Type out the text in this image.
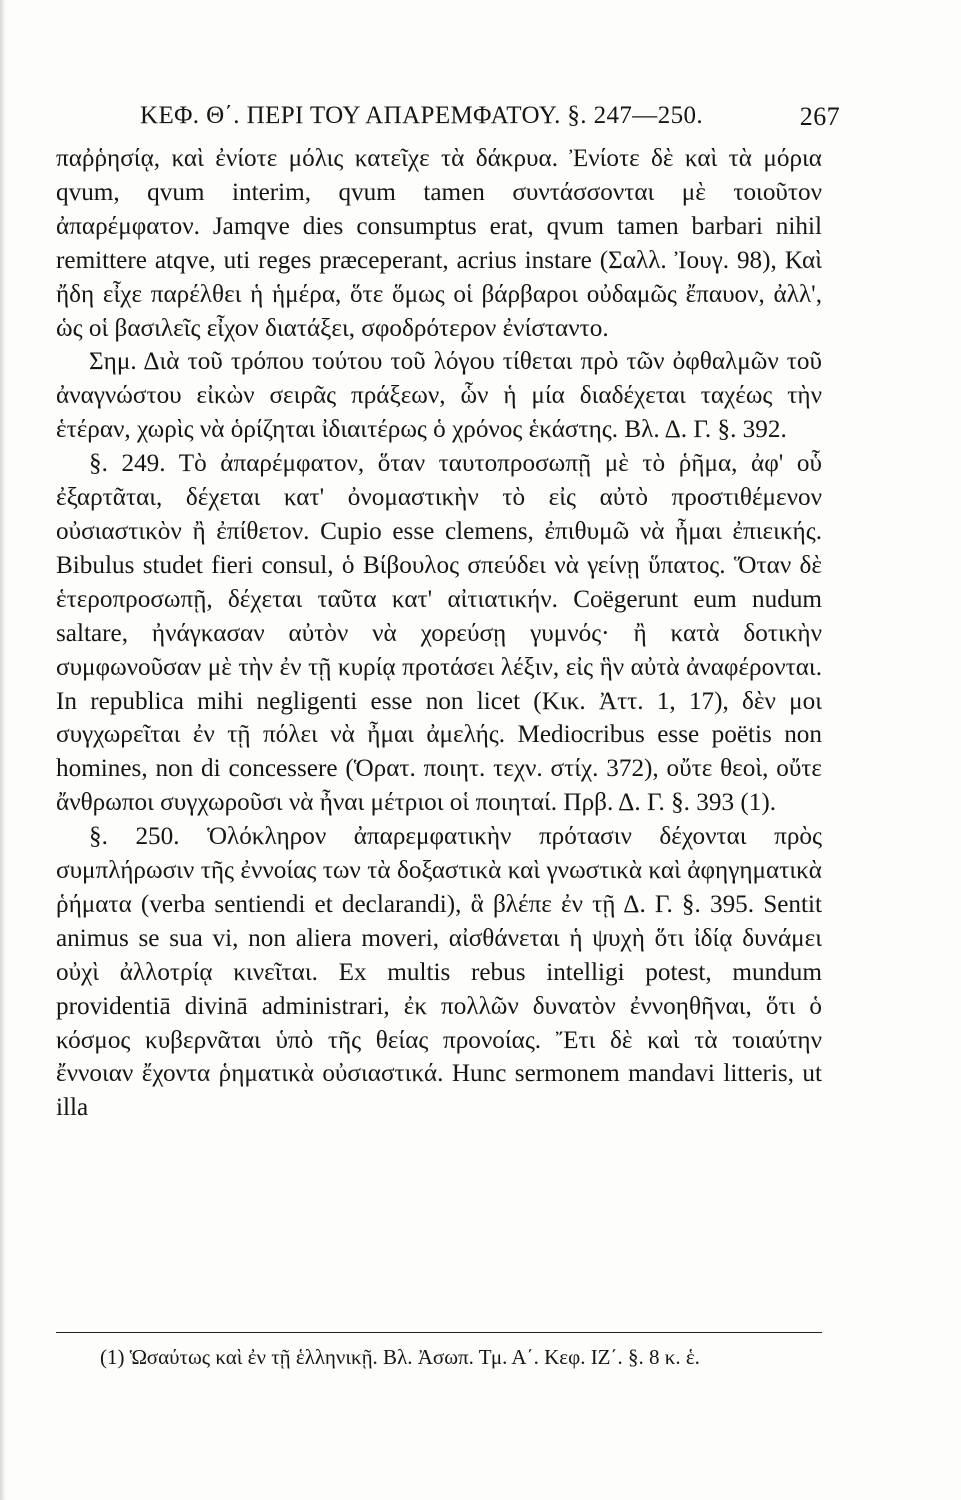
ΚΕΦ. Θ΄. ΠΕΡΙ ΤΟΥ ΑΠΑΡΕΜΦΑΤΟΥ. §. 247—250.	267

παῤῥησίᾳ, καὶ ἐνίοτε μόλις κατεῖχε τὰ δάκρυα. Ἐνίοτε δὲ καὶ τὰ μόρια qvum, qvum interim, qvum tamen συντάσσονται μὲ τοιοῦτον ἀπαρέμφατον. Jamqve dies consumptus erat, qvum tamen barbari nihil remittere atqve, uti reges præceperant, acrius instare (Σαλλ. Ἰουγ. 98), Καὶ ἤδη εἶχε παρέλθει ἡ ἡμέρα, ὅτε ὅμως οἱ βάρβαροι οὐδαμῶς ἔπαυον, ἀλλ', ὡς οἱ βασιλεῖς εἶχον διατάξει, σφοδρότερον ἐνίσταντο.

Σημ. Διὰ τοῦ τρόπου τούτου τοῦ λόγου τίθεται πρὸ τῶν ὀφθαλμῶν τοῦ ἀναγνώστου εἰκὼν σειρᾶς πράξεων, ὧν ἡ μία διαδέχεται ταχέως τὴν ἑτέραν, χωρὶς νὰ ὁρίζηται ἰδιαιτέρως ὁ χρόνος ἑκάστης. Βλ. Δ. Γ. §. 392.

§. 249. Τὸ ἀπαρέμφατον, ὅταν ταυτοπροσωπῇ μὲ τὸ ῥῆμα, ἀφ' οὗ ἐξαρτᾶται, δέχεται κατ' ὀνομαστικὴν τὸ εἰς αὐτὸ προστιθέμενον οὐσιαστικὸν ἢ ἐπίθετον. Cupio esse clemens, ἐπιθυμῶ νὰ ἦμαι ἐπιεικής. Bibulus studet fieri consul, ὁ Βίβουλος σπεύδει νὰ γείνῃ ὕπατος. Ὅταν δὲ ἑτεροπροσωπῇ, δέχεται ταῦτα κατ' αἰτιατικήν. Coëgerunt eum nudum saltare, ἠνάγκασαν αὐτὸν νὰ χορεύσῃ γυμνός· ἢ κατὰ δοτικὴν συμφωνοῦσαν μὲ τὴν ἐν τῇ κυρίᾳ προτάσει λέξιν, εἰς ἣν αὐτὰ ἀναφέρονται. In republica mihi negligenti esse non licet (Κικ. Ἀττ. 1, 17), δὲν μοι συγχωρεῖται ἐν τῇ πόλει νὰ ἦμαι ἀμελής. Mediocribus esse poëtis non homines, non di concessere (Ὁρατ. ποιητ. τεχν. στίχ. 372), οὔτε θεοὶ, οὔτε ἄνθρωποι συγχωροῦσι νὰ ἦναι μέτριοι οἱ ποιηταί. Πρβ. Δ. Γ. §. 393 (1).

§. 250. Ὁλόκληρον ἀπαρεμφατικὴν πρότασιν δέχονται πρὸς συμπλήρωσιν τῆς ἐννοίας των τὰ δοξαστικὰ καὶ γνωστικὰ καὶ ἀφηγηματικὰ ῥήματα (verba sentiendi et declarandi), ἃ βλέπε ἐν τῇ Δ. Γ. §. 395. Sentit animus se sua vi, non aliera moveri, αἰσθάνεται ἡ ψυχὴ ὅτι ἰδίᾳ δυνάμει οὐχὶ ἀλλοτρίᾳ κινεῖται. Ex multis rebus intelligi potest, mundum providentiā divinā administrari, ἐκ πολλῶν δυνατὸν ἐννοηθῆναι, ὅτι ὁ κόσμος κυβερνᾶται ὑπὸ τῆς θείας προνοίας. Ἔτι δὲ καὶ τὰ τοιαύτην ἔννοιαν ἔχοντα ῥηματικὰ οὐσιαστικά. Hunc sermonem mandavi litteris, ut illa

(1) Ὡσαύτως καὶ ἐν τῇ ἑλληνικῇ. Βλ. Ἀσωπ. Τμ. Α΄. Κεφ. ΙΖ΄. §. 8 κ. ἑ.
